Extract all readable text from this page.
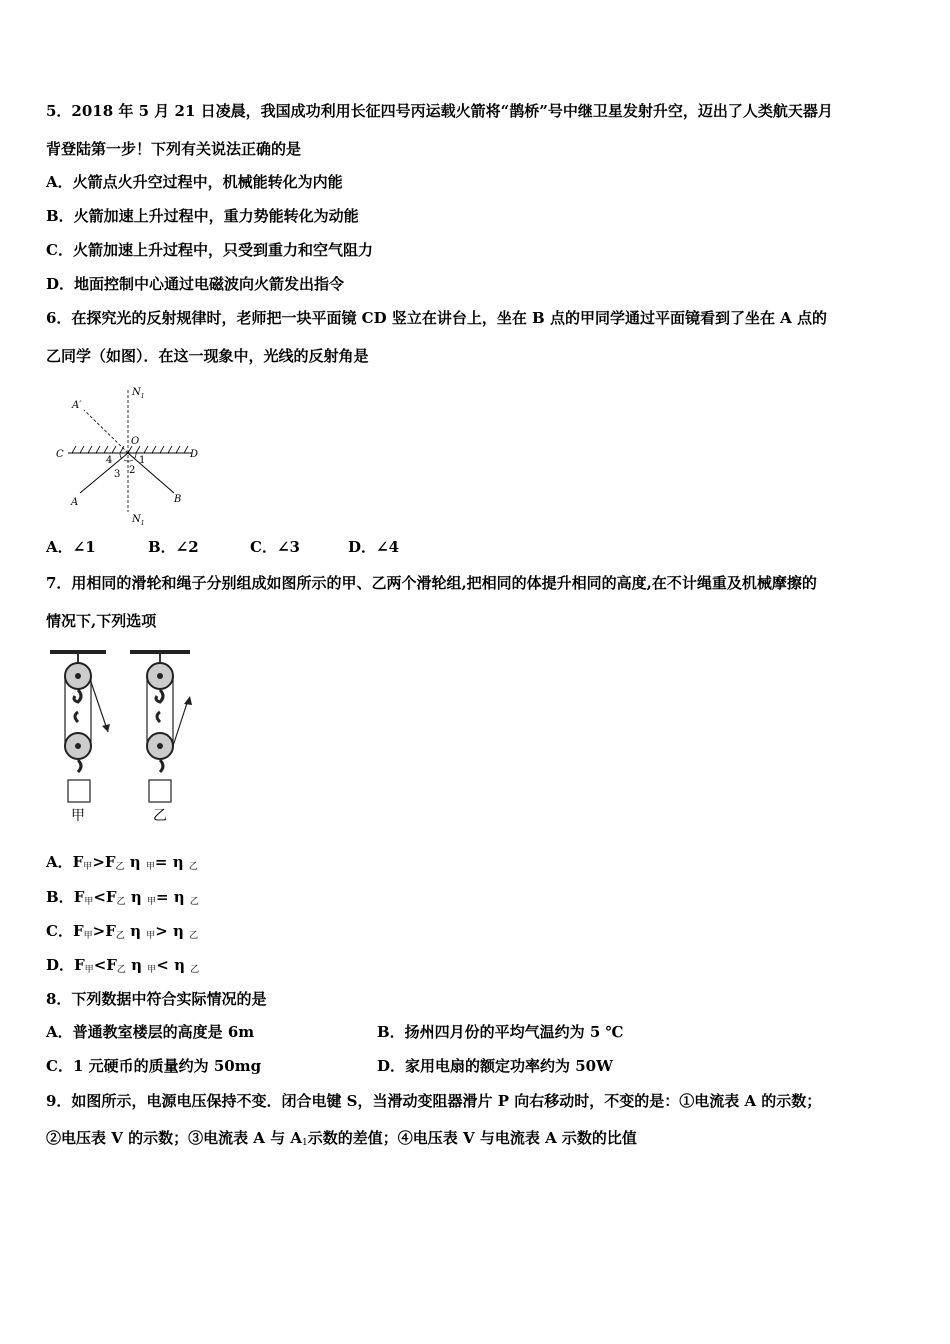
5．2018 年 5 月 21 日凌晨，我国成功利用长征四号丙运载火箭将“鹊桥”号中继卫星发射升空，迈出了人类航天器月
背登陆第一步！下列有关说法正确的是
A．火箭点火升空过程中，机械能转化为内能
B．火箭加速上升过程中，重力势能转化为动能
C．火箭加速上升过程中，只受到重力和空气阻力
D．地面控制中心通过电磁波向火箭发出指令
6．在探究光的反射规律时，老师把一块平面镜 CD 竖立在讲台上，坐在 B 点的甲同学通过平面镜看到了坐在 A 点的
乙同学（如图）．在这一现象中，光线的反射角是
$N_1$
$N_1$
A′
O
C	D
A	B
1
2
3
4
A．∠1	B．∠2	C．∠3	D．∠4
7．用相同的滑轮和绳子分别组成如图所示的甲、乙两个滑轮组,把相同的体提升相同的高度,在不计绳重及机械摩擦的
情况下,下列选项
甲	乙
A．$F_甲>F_乙$ η $_甲$= η $_乙$
B．$F_甲<F_乙$ η $_甲$= η $_乙$
C．$F_甲>F_乙$ η $_甲$> η $_乙$
D．$F_甲<F_乙$ η $_甲$< η $_乙$
8．下列数据中符合实际情况的是
A．普通教室楼层的高度是 6m	B．扬州四月份的平均气温约为 5 ℃
C．1 元硬币的质量约为 50mg	D．家用电扇的额定功率约为 50W
9．如图所示，电源电压保持不变．闭合电键 S，当滑动变阻器滑片 P 向右移动时，不变的是：①电流表 A 的示数；
②电压表 V 的示数；③电流表 A 与 $A_1$示数的差值；④电压表 V 与电流表 A 示数的比值
